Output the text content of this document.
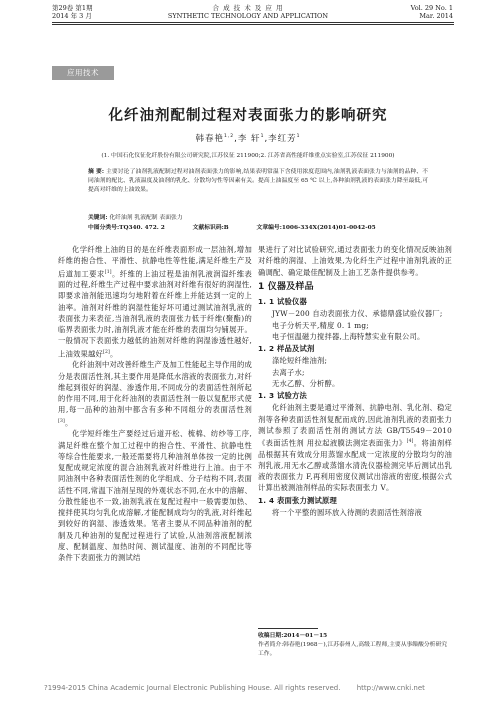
第29卷 第1期
2014 年 3 月
合 成 技 术 及 应 用
SYNTHETIC TECHNOLOGY AND APPLICATION
Vol. 29 No. 1
Mar. 2014
应用技术
化纤油剂配制过程对表面张力的影响研究
韩春艳$^{1,2}$,李 轩$^1$,李红芳$^1$
(1. 中国石化仪征化纤股份有限公司研究院,江苏仪征 211900;2. 江苏省高性能纤维重点实验室,江苏仪征 211900)
摘 要: 主要讨论了油剂乳液配制过程对油剂表面张力的影响,结果表明常温下含使用浓度范围内,油剂乳液表面张力与油剂的品种、不同油剂的配比、乳液温度及油剂的乳化、分散均匀性等因素有关。提高上油温度至 65 ℃ 以上,各种油剂乳液的表面张力降至最低,可提高对纤维的上油效果。
关键词: 化纤油剂 乳液配制 表面张力
中图分类号:TQ340. 472. 2	文献标识码:B	文章编号:1006-334X(2014)01-0042-05

化学纤维上油的目的是在纤维表面形成一层油剂,增加纤维的抱合性、平滑性、抗静电性等性能,满足纤维生产及后道加工要求[1]。纤维的上油过程是油剂乳液润湿纤维表面的过程,纤维生产过程中要求油剂对纤维有很好的润湿性,即要求油剂能迅速均匀地附着在纤维上并能达到一定的上油率。油剂对纤维的润湿性能好坏可通过测试油剂乳液的表面张力来表征,当油剂乳液的表面张力低于纤维(聚酯)的临界表面张力时,油剂乳液才能在纤维的表面均匀铺展开。一般情况下表面张力越低的油剂对纤维的润湿渗透性越好,上油效果越好[2]。

化纤油剂中对改善纤维生产及加工性能起主导作用的成分是表面活性剂,其主要作用是降低水溶液的表面张力,对纤维起到很好的润湿、渗透作用,不同成分的表面活性剂所起的作用不同,用于化纤油剂的表面活性剂一般以复配形式使用,每一品种的油剂中都含有多种不同组分的表面活性剂[3]。

化学短纤维生产要经过后道开松、梳棉、纺纱等工序,满足纤维在整个加工过程中的抱合性、平滑性、抗静电性等综合性能要求,一般还需要将几种油剂单体按一定的比例复配成规定浓度的混合油剂乳液对纤维进行上油。由于不同油剂中各种表面活性剂的化学组成、分子结构不同,表面活性不同,常温下油剂呈现的外观状态不同,在水中的溶解、分散性能也不一致,油剂乳液在复配过程中一般需要加热、搅拌使其均匀乳化成溶解,才能配制成均匀的乳液,对纤维起到较好的润湿、渗透效果。笔者主要从不同品种油剂的配制及几种油剂的复配过程进行了试验,从油剂溶液配制浓度、配制温度、加热时间、测试温度、油剂的不同配比等条件下表面张力的测试结

果进行了对比试验研究,通过表面张力的变化情况反映油剂对纤维的润湿、上油效果,为化纤生产过程中油剂乳液的正确调配、确定最佳配制及上油工艺条件提供参考。

1 仪器及样品
1. 1 试验仪器

JYW－200 自动表面张力仪、承德鼎盛试验仪器厂;

电子分析天平,精度 0. 1 mg;

电子恒温磁力搅拌器,上海特慧实业有限公司。

1. 2 样品及试剂

涤纶短纤维油剂;

去离子水;

无水乙醇、分析醇。

1. 3 试验方法

化纤油剂主要是通过平滑剂、抗静电剂、乳化剂、稳定剂等各种表面活性剂复配而成的,因此油剂乳液的表面张力测试参照了表面活性剂的测试方法 GB/T5549－2010《表面活性剂 用拉起液膜法测定表面张力》[4]。将油剂样品根据其有效成分用蒸馏水配成一定浓度的分散均匀的油剂乳液,用无水乙醇或蒸馏水清洗仪器检测完毕后测试出乳液的表面张力 F,再利用密度仪测试出溶液的密度,根据公式计算出被测油剂样品的实际表面张力 V。

1. 4 表面张力测试原理

将一个平整的圆环放入待测的表面活性剂溶液

收稿日期:2014－01－15
作者简介:韩春艳(1968－),江苏泰州人,高级工程师,主要从事缫酸分析研究工作。
?1994-2015 China Academic Journal Electronic Publishing House. All rights reserved. http://www.cnki.net
